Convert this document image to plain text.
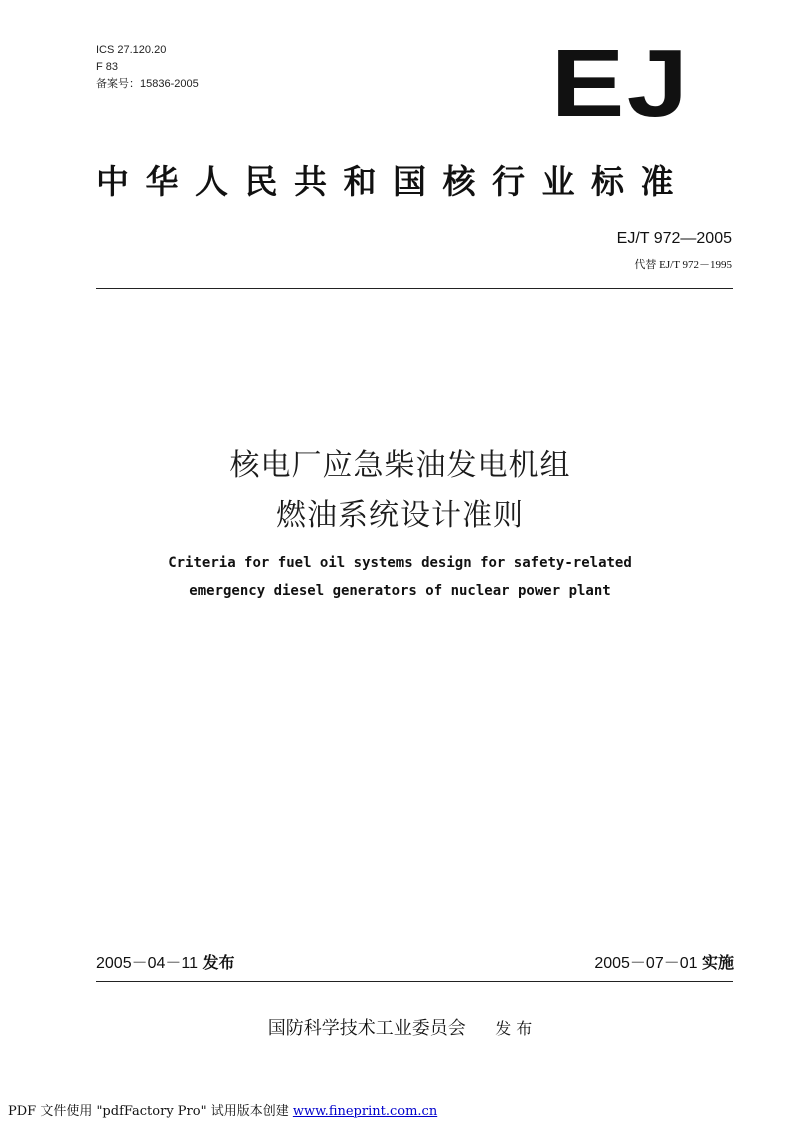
ICS 27.120.20
F 83
备案号：15836-2005	EJ
中华人民共和国核行业标准
EJ/T 972—2005
代替 EJ/T 972－1995
核电厂应急柴油发电机组
燃油系统设计准则
Criteria for fuel oil systems design for safety-related
emergency diesel generators of nuclear power plant
2005－04－11 发布	2005－07－01 实施
国防科学技术工业委员会 发 布
PDF 文件使用 "pdfFactory Pro" 试用版本创建 www.fineprint.com.cn
